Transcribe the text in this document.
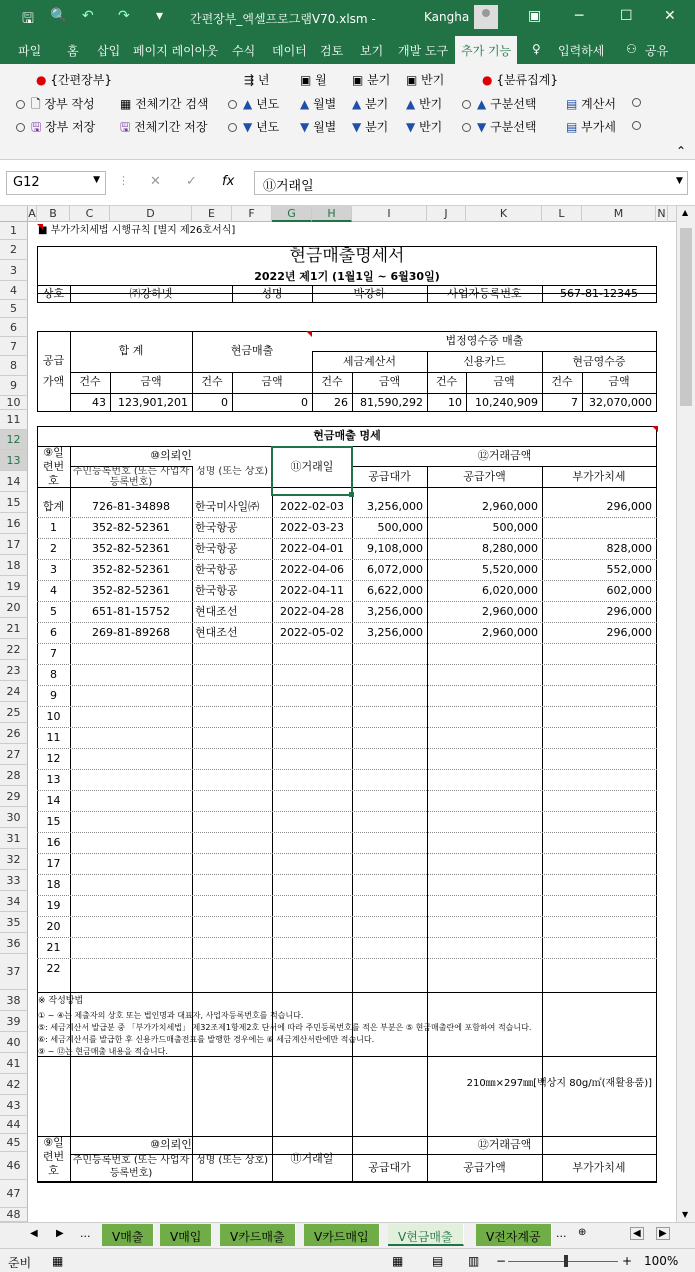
🖫 🔍 ↶ ↷ ▾ 간편장부_엑셀프로그램V70.xlsm -	Kangha	▣ ─	☐ ✕
파일 홈 삽입 페이지 레이아웃 수식 데이터 검토 보기 개발 도구	추가 기능	♀ 입력하세 ⚇ 공유
● {간편장부}
🗋 장부 작성
🖫 장부 저장
▦ 전체기간 검색
🖫 전체기간 저장
⇶ 년	▣ 월 ▣ 분기 ▣ 반기
▲ 년도 ▲ 월별 ▲ 분기 ▲ 반기
▼ 년도 ▼ 월별 ▼ 분기 ▼ 반기
● {분류집계}
▲ 구분선택
▼ 구분선택
▤ 계산서
▤ 부가세
⌃
G12	▼ ⋮ ✕ ✓ fx	⑪거래일	▼
A	B	C	D	E	F	G	H	I	J	K	L	M	N
1
2
3
4
5
6
7
8
9
10
11
12
13
14
15
16
17
18
19
20
21
22
23
24
25
26
27
28
29
30
31
32
33
34
35
36
37
38
39
40
41
42
43
44
45
46
47
48
■ 부가가치세법 시행규칙 [별지 제26호서식]
현금매출명세서
2022년 제1기 (1월1일 ~ 6월30일)
상호	㈜강하넷	성명	박강하	사업자등록번호	567-81-12345
공급
가액
합 계	현금매출
법정영수증 매출
세금계산서	신용카드	현금영수증
건수	금액	건수	금액	건수	금액	건수	금액	건수	금액
43	123,901,201	0	0	26	81,590,292	10	10,240,909	7	32,070,000
현금매출 명세
⑨일
련번
호
⑩의뢰인
주민등록번호 (또는 사업자등록번호)
성명 (또는 상호)	⑪거래일
⑫거래금액
공급대가	공급가액	부가가치세
합계	726-81-34898	한국미사일㈜	2022-02-03	3,256,000	2,960,000	296,000
1	352-82-52361	한국항공	2022-03-23	500,000	500,000
2	352-82-52361	한국항공	2022-04-01	9,108,000	8,280,000	828,000
3	352-82-52361	한국항공	2022-04-06	6,072,000	5,520,000	552,000
4	352-82-52361	한국항공	2022-04-11	6,622,000	6,020,000	602,000
5	651-81-15752	현대조선	2022-04-28	3,256,000	2,960,000	296,000
6	269-81-89268	현대조선	2022-05-02	3,256,000	2,960,000	296,000
7
8
9
10
11
12
13
14
15
16
17
18
19
20
21
22
※ 작성방법
① ~ ④는 제출자의 상호 또는 법인명과 대표자, 사업자등록번호를 적습니다.
⑤: 세금계산서 발급분 중 「부가가치세법」 제32조제1항제2호 단서에 따라 주민등록번호를 적은 부분은 ⑤ 현금매출란에 포함하여 적습니다.
⑥: 세금계산서를 발급한 후 신용카드매출전표를 발행한 경우에는 ⑥ 세금계산서란에만 적습니다.
⑨ ~ ⑫는 현금매출 내용을 적습니다.
210㎜×297㎜[백상지 80g/㎡(재활용품)]
⑨일
련번
호
⑩의뢰인
주민등록번호 (또는 사업자등록번호)
성명 (또는 상호)	⑪거래일
⑫거래금액
공급대가	공급가액	부가가치세
▲
▼
◀ ▶ ...	V매출	V매입	V카드매출	V카드매입	V현금매출	V전자계공	... ⊕	◀	▶
준비 ▦	▦ ▤ ▥ −	+ 100%
